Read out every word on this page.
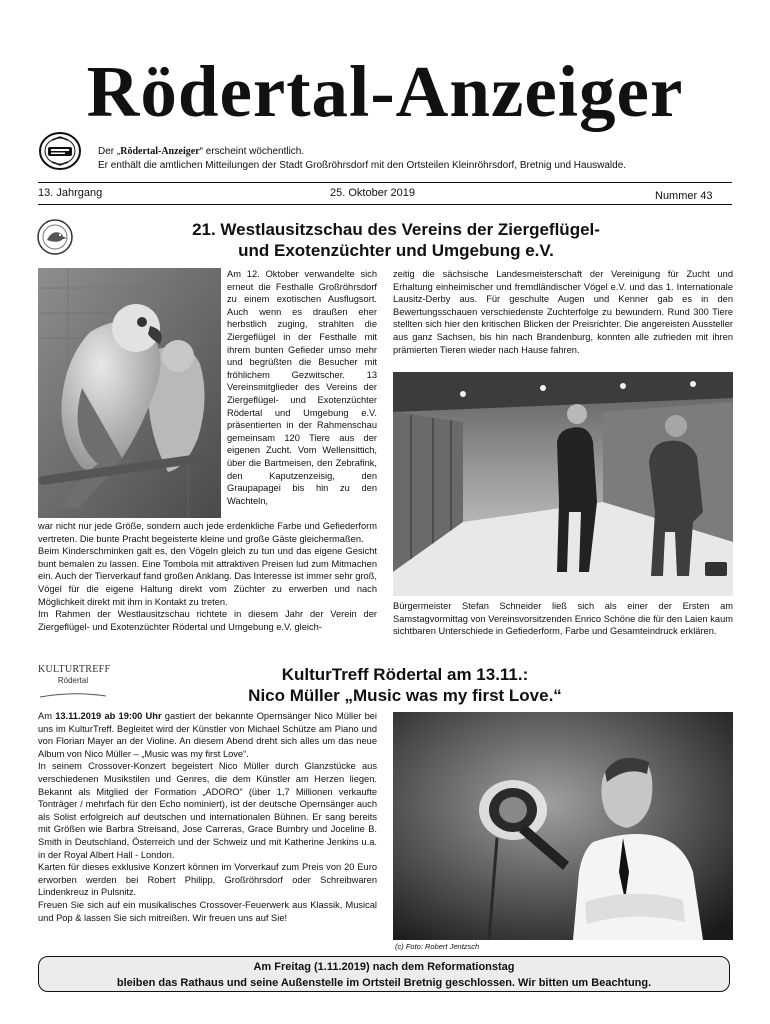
Rödertal-Anzeiger
Der „Rödertal-Anzeiger“ erscheint wöchentlich.
Er enthält die amtlichen Mitteilungen der Stadt Großröhrsdorf mit den Ortsteilen Kleinröhrsdorf, Bretnig und Hauswalde.
13. Jahrgang	25. Oktober 2019	Nummer 43
21. Westlausitzschau des Vereins der Ziergeflügel-
und Exotenzüchter und Umgebung e.V.
Am 12. Oktober verwandelte sich erneut die Festhalle Großröhrsdorf zu einem exotischen Ausflugsort. Auch wenn es draußen eher herbstlich zuging, strahlten die Ziergeflügel in der Festhalle mit ihrem bunten Gefieder umso mehr und begrüßten die Besucher mit fröhlichem Gezwitscher. 13 Vereinsmitglieder des Vereins der Ziergeflügel- und Exotenzüchter Rödertal und Umgebung e.V. präsentierten in der Rahmenschau gemeinsam 120 Tiere aus der eigenen Zucht. Vom Wellensittich, über die Bartmeisen, den Zebrafink, den Kaputzenzeisig, den Graupapagei bis hin zu den Wachteln,

war nicht nur jede Größe, sondern auch jede erdenkliche Farbe und Gefiederform vertreten. Die bunte Pracht begeisterte kleine und große Gäste gleichermaßen.

Beim Kinderschminken galt es, den Vögeln gleich zu tun und das eigene Gesicht bunt bemalen zu lassen. Eine Tombola mit attraktiven Preisen lud zum Mitmachen ein. Auch der Tierverkauf fand großen Anklang. Das Interesse ist immer sehr groß, Vögel für die eigene Haltung direkt vom Züchter zu erwerben und nach Möglichkeit direkt mit ihm in Kontakt zu treten.

Im Rahmen der Westlausitzschau richtete in diesem Jahr der Verein der Ziergeflügel- und Exotenzüchter Rödertal und Umgebung e.V. gleich-

zeitig die sächsische Landesmeisterschaft der Vereinigung für Zucht und Erhaltung einheimischer und fremdländischer Vögel e.V. und das 1. Internationale Lausitz-Derby aus. Für geschulte Augen und Kenner gab es in den Bewertungsschauen verschiedenste Zuchterfolge zu bewundern. Rund 300 Tiere stellten sich hier den kritischen Blicken der Preisrichter. Die angereisten Aussteller aus ganz Sachsen, bis hin nach Brandenburg, konnten alle zufrieden mit ihren prämierten Tieren wieder nach Hause fahren.
Bürgermeister Stefan Schneider ließ sich als einer der Ersten am Samstagvormittag von Vereinsvorsitzenden Enrico Schöne die für den Laien kaum sichtbaren Unterschiede in Gefiederform, Farbe und Gesamteindruck erklären.
KULTURTREFF
Rödertal	KulturTreff Rödertal am 13.11.:
Nico Müller „Music was my first Love.“

Am 13.11.2019 ab 19:00 Uhr gastiert der bekannte Opernsänger Nico Müller bei uns im KulturTreff. Begleitet wird der Künstler von Michael Schütze am Piano und von Florian Mayer an der Violine. An diesem Abend dreht sich alles um das neue Album von Nico Müller – „Music was my first Love“.

In seinem Crossover-Konzert begeistert Nico Müller durch Glanzstücke aus verschiedenen Musikstilen und Genres, die dem Künstler am Herzen liegen. Bekannt als Mitglied der Formation „ADORO“ (über 1,7 Millionen verkaufte Tonträger / mehrfach für den Echo nominiert), ist der deutsche Opernsänger auch als Solist erfolgreich auf deutschen und internationalen Bühnen. Er sang bereits mit Größen wie Barbra Streisand, Jose Carreras, Grace Bumbry und Joceline B. Smith in Deutschland, Österreich und der Schweiz und mit Katherine Jenkins u.a. in der Royal Albert Hall - London.

Karten für dieses exklusive Konzert können im Vorverkauf zum Preis von 20 Euro erworben werden bei Robert Philipp, Großröhrsdorf oder Schreibwaren Lindenkreuz in Pulsnitz.

Freuen Sie sich auf ein musikalisches Crossover-Feuerwerk aus Klassik, Musical und Pop & lassen Sie sich mitreißen. Wir freuen uns auf Sie!

(c) Foto: Robert Jentzsch
Am Freitag (1.11.2019) nach dem Reformationstag
bleiben das Rathaus und seine Außenstelle im Ortsteil Bretnig geschlossen. Wir bitten um Beachtung.
